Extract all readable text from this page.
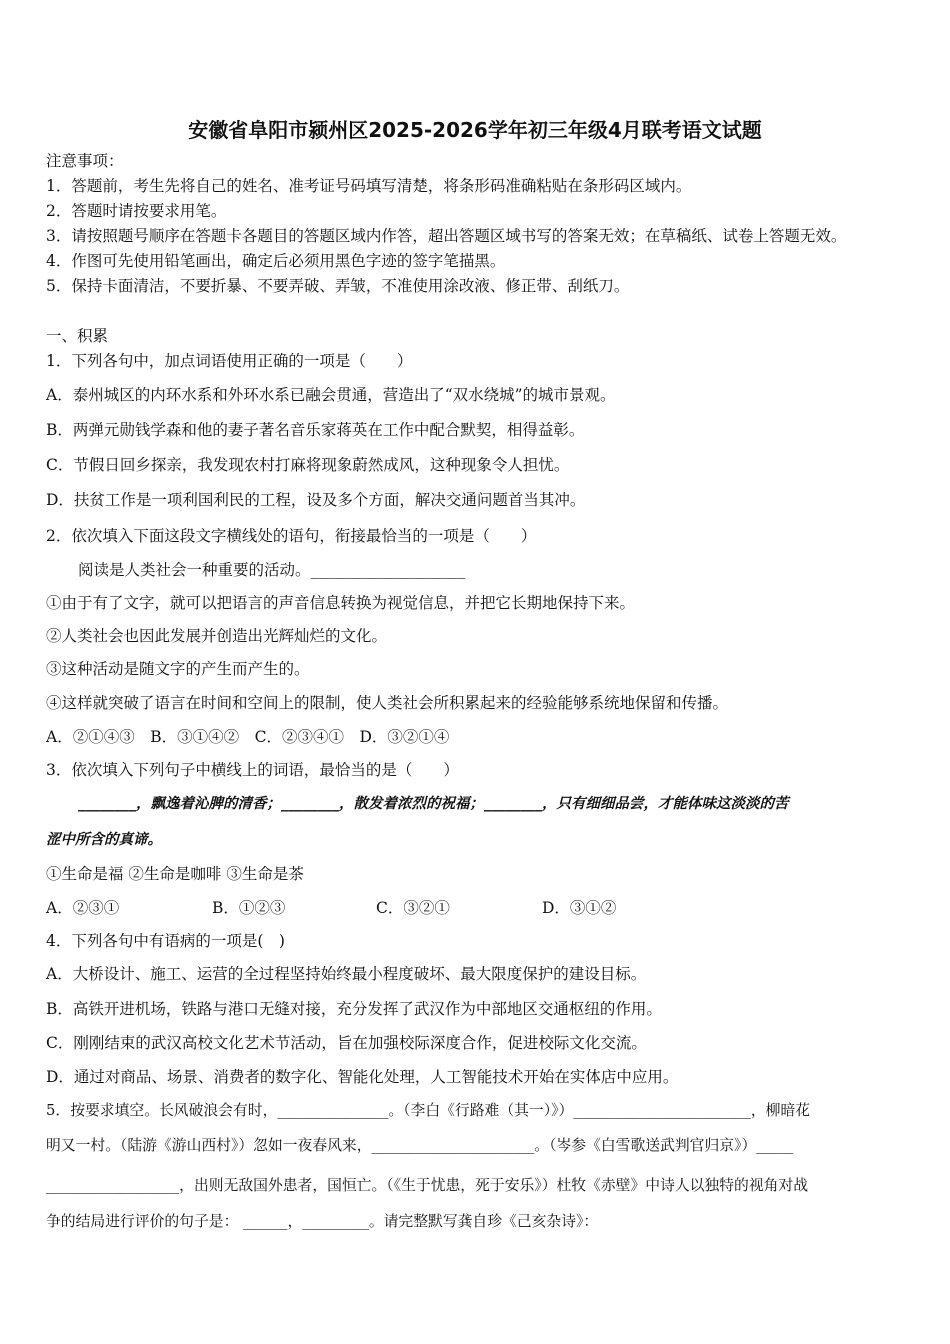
安徽省阜阳市颍州区2025-2026学年初三年级4月联考语文试题
注意事项：
1．答题前，考生先将自己的姓名、准考证号码填写清楚，将条形码准确粘贴在条形码区域内。
2．答题时请按要求用笔。
3．请按照题号顺序在答题卡各题目的答题区域内作答，超出答题区域书写的答案无效；在草稿纸、试卷上答题无效。
4．作图可先使用铅笔画出，确定后必须用黑色字迹的签字笔描黑。
5．保持卡面清洁，不要折暴、不要弄破、弄皱，不准使用涂改液、修正带、刮纸刀。
一、积累
1．下列各句中，加点词语使用正确的一项是（　　）
A．泰州城区的内环水系和外环水系已融会贯通，营造出了“双水绕城”的城市景观。
B．两弹元勋钱学森和他的妻子著名音乐家蒋英在工作中配合默契，相得益彰。
C．节假日回乡探亲，我发现农村打麻将现象蔚然成风，这种现象令人担忧。
D．扶贫工作是一项利国利民的工程，设及多个方面，解决交通问题首当其冲。
2．依次填入下面这段文字横线处的语句，衔接最恰当的一项是（　　）
阅读是人类社会一种重要的活动。____________________
①由于有了文字，就可以把语言的声音信息转换为视觉信息，并把它长期地保持下来。
②人类社会也因此发展并创造出光辉灿烂的文化。
③这种活动是随文字的产生而产生的。
④这样就突破了语言在时间和空间上的限制，使人类社会所积累起来的经验能够系统地保留和传播。
A．②①④③　B．③①④②　C．②③④①　D．③②①④
3．依次填入下列句子中横线上的词语，最恰当的是（　　）
________，飘逸着沁脾的清香；________，散发着浓烈的祝福；________，只有细细品尝，才能体味这淡淡的苦
涩中所含的真谛。
①生命是福 ②生命是咖啡 ③生命是茶
A．②③①	B．①②③	C．③②①	D．③①②
4．下列各句中有语病的一项是(　)
A．大桥设计、施工、运营的全过程坚持始终最小程度破坏、最大限度保护的建设目标。
B．高铁开进机场，铁路与港口无缝对接，充分发挥了武汉作为中部地区交通枢纽的作用。
C．刚刚结束的武汉高校文化艺术节活动，旨在加强校际深度合作，促进校际文化交流。
D．通过对商品、场景、消费者的数字化、智能化处理，人工智能技术开始在实体店中应用。
5．按要求填空。长风破浪会有时，_______________。（李白《行路难（其一）》）________________________，柳暗花
明又一村。（陆游《游山西村》）忽如一夜春风来，______________________。（岑参《白雪歌送武判官归京》）_____
__________________，出则无敌国外患者，国恒亡。（《生于忧患，死于安乐》）杜牧《赤壁》中诗人以独特的视角对战
争的结局进行评价的句子是： ______，_________。请完整默写龚自珍《己亥杂诗》：
